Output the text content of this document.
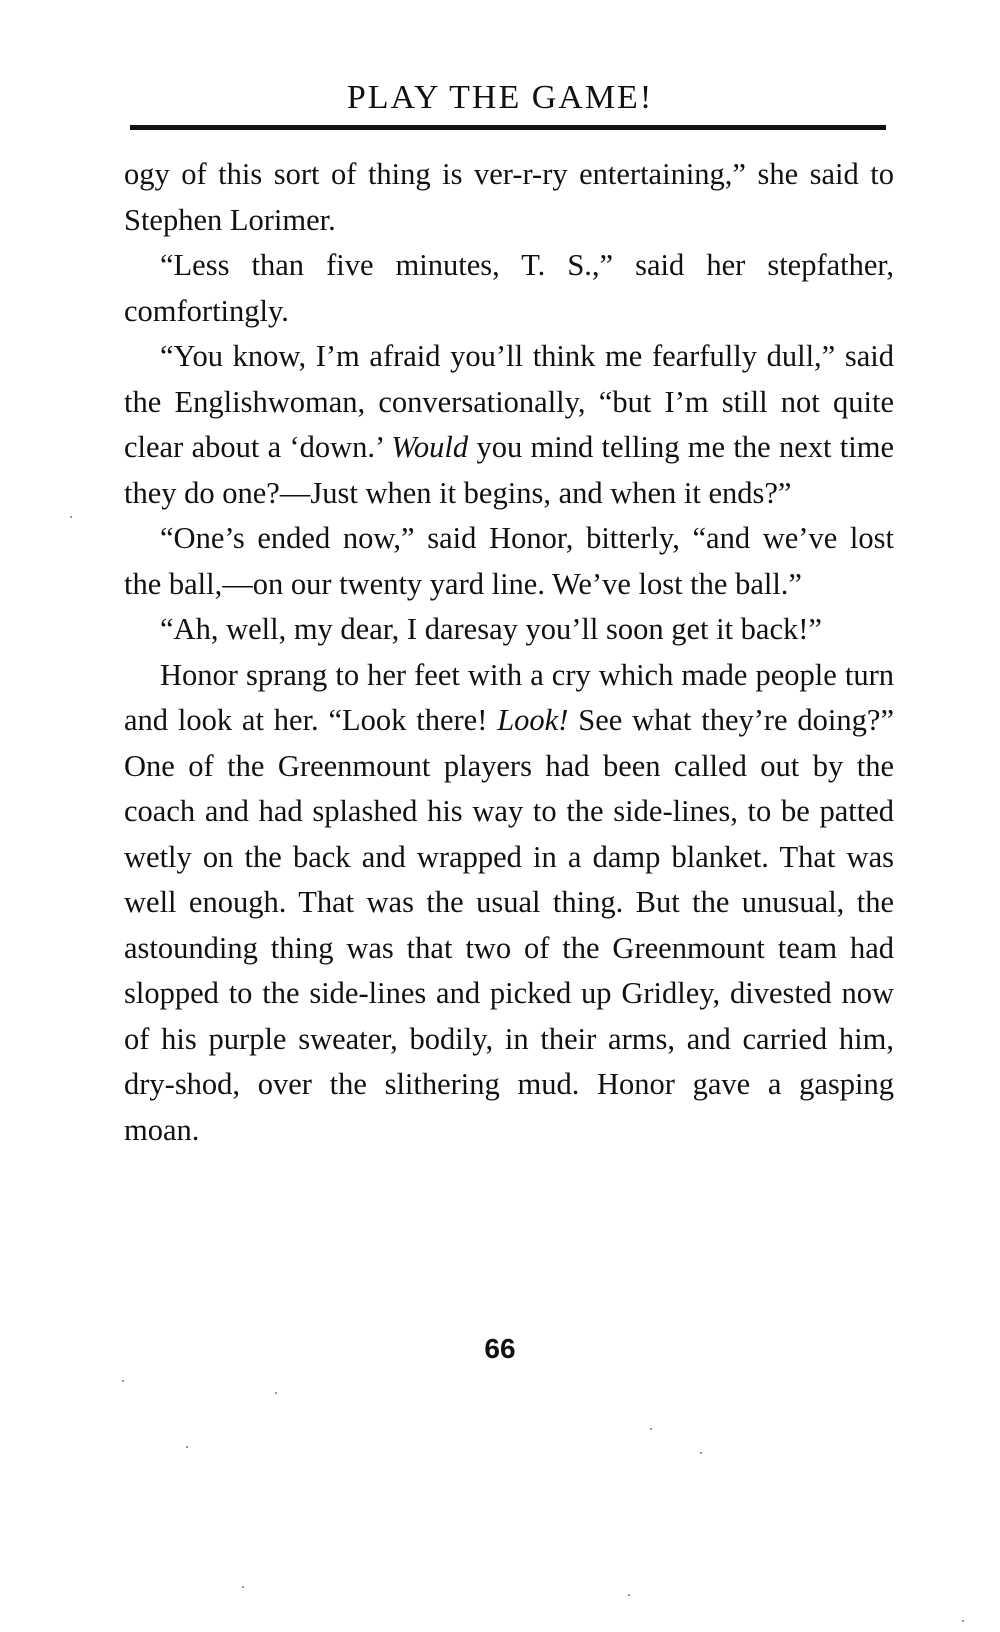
PLAY THE GAME!

ogy of this sort of thing is ver-r-ry entertaining,” she said to Stephen Lorimer.

“Less than five minutes, T. S.,” said her stepfather, comfortingly.

“You know, I’m afraid you’ll think me fearfully dull,” said the Englishwoman, conversationally, “but I’m still not quite clear about a ‘down.’ Would you mind telling me the next time they do one?—Just when it begins, and when it ends?”

“One’s ended now,” said Honor, bitterly, “and we’ve lost the ball,—on our twenty yard line. We’ve lost the ball.”

“Ah, well, my dear, I daresay you’ll soon get it back!”

Honor sprang to her feet with a cry which made people turn and look at her. “Look there! Look! See what they’re doing?” One of the Greenmount players had been called out by the coach and had splashed his way to the side-lines, to be patted wetly on the back and wrapped in a damp blanket. That was well enough. That was the usual thing. But the unusual, the astounding thing was that two of the Greenmount team had slopped to the side-lines and picked up Gridley, divested now of his purple sweater, bodily, in their arms, and carried him, dry-shod, over the slithering mud. Honor gave a gasping moan.

66
